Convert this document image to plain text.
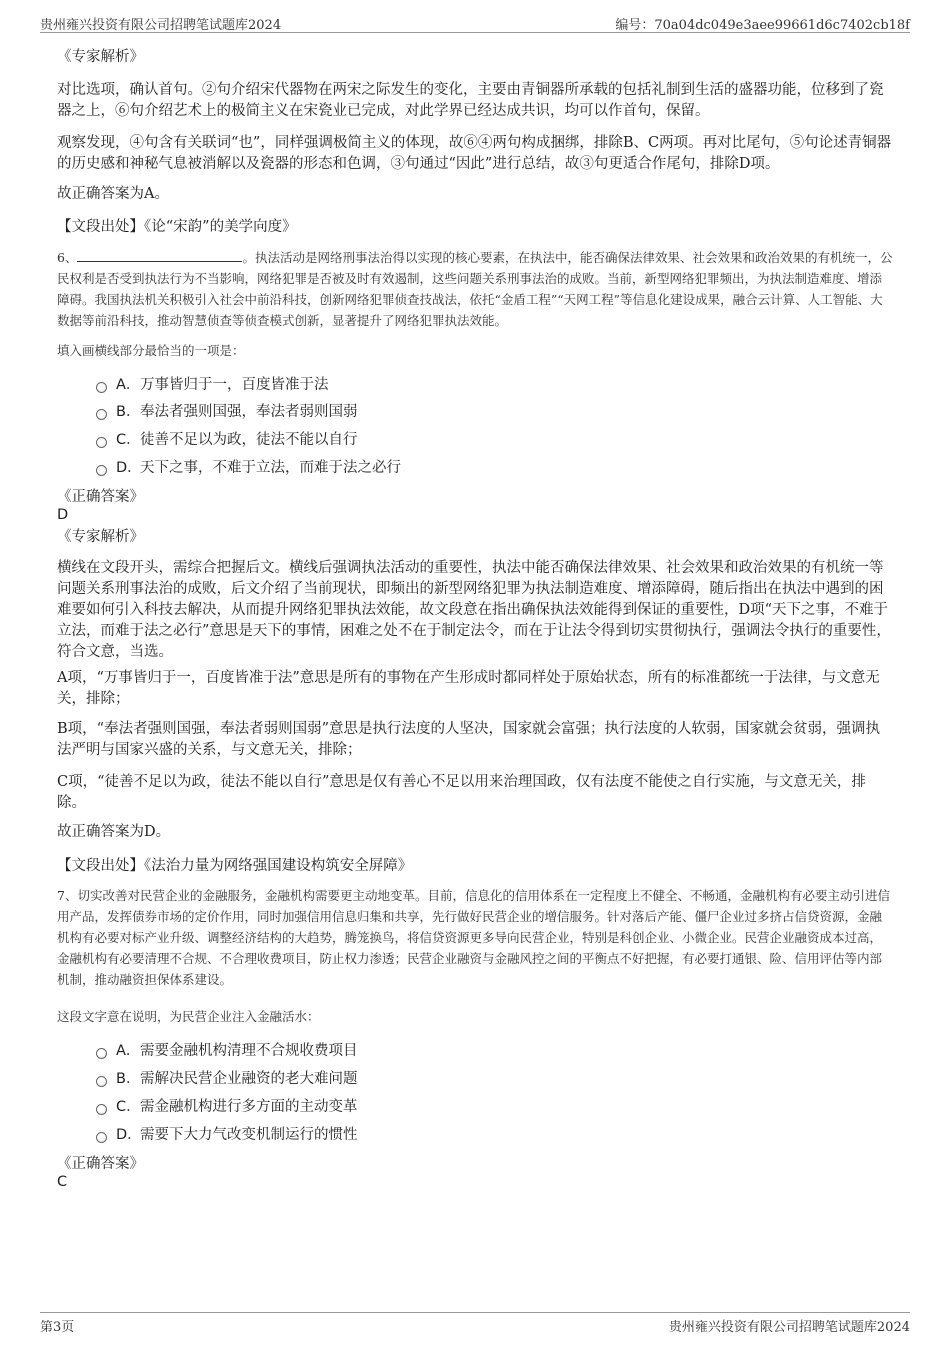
贵州雍兴投资有限公司招聘笔试题库2024	编号：70a04dc049e3aee99661d6c7402cb18f
《专家解析》

对比选项，确认首句。②句介绍宋代器物在两宋之际发生的变化，主要由青铜器所承载的包括礼制到生活的盛器功能，位移到了瓷器之上，⑥句介绍艺术上的极简主义在宋瓷业已完成，对此学界已经达成共识，均可以作首句，保留。

观察发现，④句含有关联词“也”，同样强调极简主义的体现，故⑥④两句构成捆绑，排除B、C两项。再对比尾句，⑤句论述青铜器的历史感和神秘气息被消解以及瓷器的形态和色调，③句通过“因此”进行总结，故③句更适合作尾句，排除D项。

故正确答案为A。

【文段出处】《论“宋韵”的美学向度》

6、	。执法活动是网络刑事法治得以实现的核心要素，在执法中，能否确保法律效果、社会效果和政治效果的有机统一，公民权利是否受到执法行为不当影响，网络犯罪是否被及时有效遏制，这些问题关系刑事法治的成败。当前，新型网络犯罪频出，为执法制造难度、增添障碍。我国执法机关积极引入社会中前沿科技，创新网络犯罪侦查技战法，依托“金盾工程”“天网工程”等信息化建设成果，融合云计算、人工智能、大数据等前沿科技，推动智慧侦查等侦查模式创新，显著提升了网络犯罪执法效能。

填入画横线部分最恰当的一项是：

A．万事皆归于一，百度皆准于法
B．奉法者强则国强，奉法者弱则国弱
C．徒善不足以为政，徒法不能以自行
D．天下之事，不难于立法，而难于法之必行
《正确答案》
D
《专家解析》

横线在文段开头，需综合把握后文。横线后强调执法活动的重要性，执法中能否确保法律效果、社会效果和政治效果的有机统一等问题关系刑事法治的成败，后文介绍了当前现状，即频出的新型网络犯罪为执法制造难度、增添障碍，随后指出在执法中遇到的困难要如何引入科技去解决，从而提升网络犯罪执法效能，故文段意在指出确保执法效能得到保证的重要性，D项“天下之事，不难于立法，而难于法之必行”意思是天下的事情，困难之处不在于制定法令，而在于让法令得到切实贯彻执行，强调法令执行的重要性，符合文意，当选。

A项，“万事皆归于一，百度皆准于法”意思是所有的事物在产生形成时都同样处于原始状态，所有的标准都统一于法律，与文意无关，排除；

B项，“奉法者强则国强，奉法者弱则国弱”意思是执行法度的人坚决，国家就会富强；执行法度的人软弱，国家就会贫弱，强调执法严明与国家兴盛的关系，与文意无关，排除；

C项，“徒善不足以为政，徒法不能以自行”意思是仅有善心不足以用来治理国政，仅有法度不能使之自行实施，与文意无关，排除。

故正确答案为D。

【文段出处】《法治力量为网络强国建设构筑安全屏障》

7、切实改善对民营企业的金融服务，金融机构需要更主动地变革。目前，信息化的信用体系在一定程度上不健全、不畅通，金融机构有必要主动引进信用产品，发挥债券市场的定价作用，同时加强信用信息归集和共享，先行做好民营企业的增信服务。针对落后产能、僵尸企业过多挤占信贷资源，金融机构有必要对标产业升级、调整经济结构的大趋势，腾笼换鸟，将信贷资源更多导向民营企业，特别是科创企业、小微企业。民营企业融资成本过高，金融机构有必要清理不合规、不合理收费项目，防止权力渗透；民营企业融资与金融风控之间的平衡点不好把握，有必要打通银、险、信用评估等内部机制，推动融资担保体系建设。

这段文字意在说明，为民营企业注入金融活水：

A．需要金融机构清理不合规收费项目
B．需解决民营企业融资的老大难问题
C．需金融机构进行多方面的主动变革
D．需要下大力气改变机制运行的惯性
《正确答案》
C
第3页	贵州雍兴投资有限公司招聘笔试题库2024
